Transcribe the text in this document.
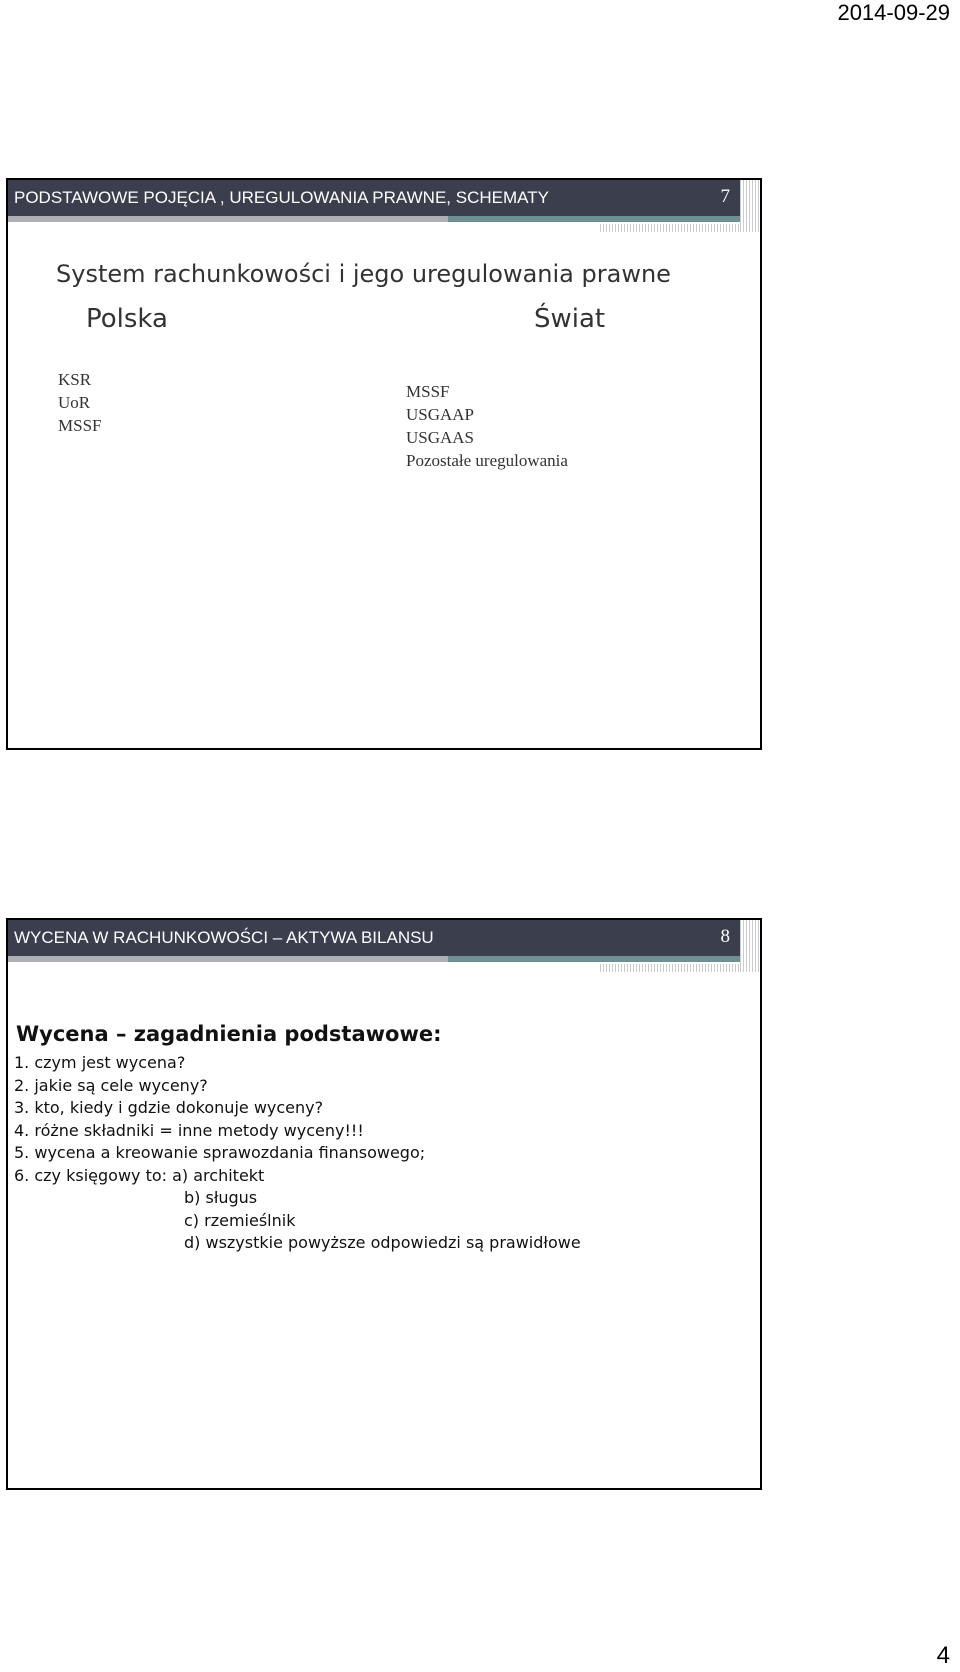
2014-09-29
PODSTAWOWE POJĘCIA , UREGULOWANIA PRAWNE, SCHEMATY	7
System rachunkowości i jego uregulowania prawne
Polska	Świat
KSR
UoR
MSSF
MSSF
USGAAP
USGAAS
Pozostałe uregulowania
WYCENA W RACHUNKOWOŚCI – AKTYWA BILANSU	8
Wycena – zagadnienia podstawowe:
1. czym jest wycena?
2. jakie są cele wyceny?
3. kto, kiedy i gdzie dokonuje wyceny?
4. różne składniki = inne metody wyceny!!!
5. wycena a kreowanie sprawozdania finansowego;
6. czy księgowy to: a) architekt
b) sługus
c) rzemieślnik
d) wszystkie powyższe odpowiedzi są prawidłowe
4
